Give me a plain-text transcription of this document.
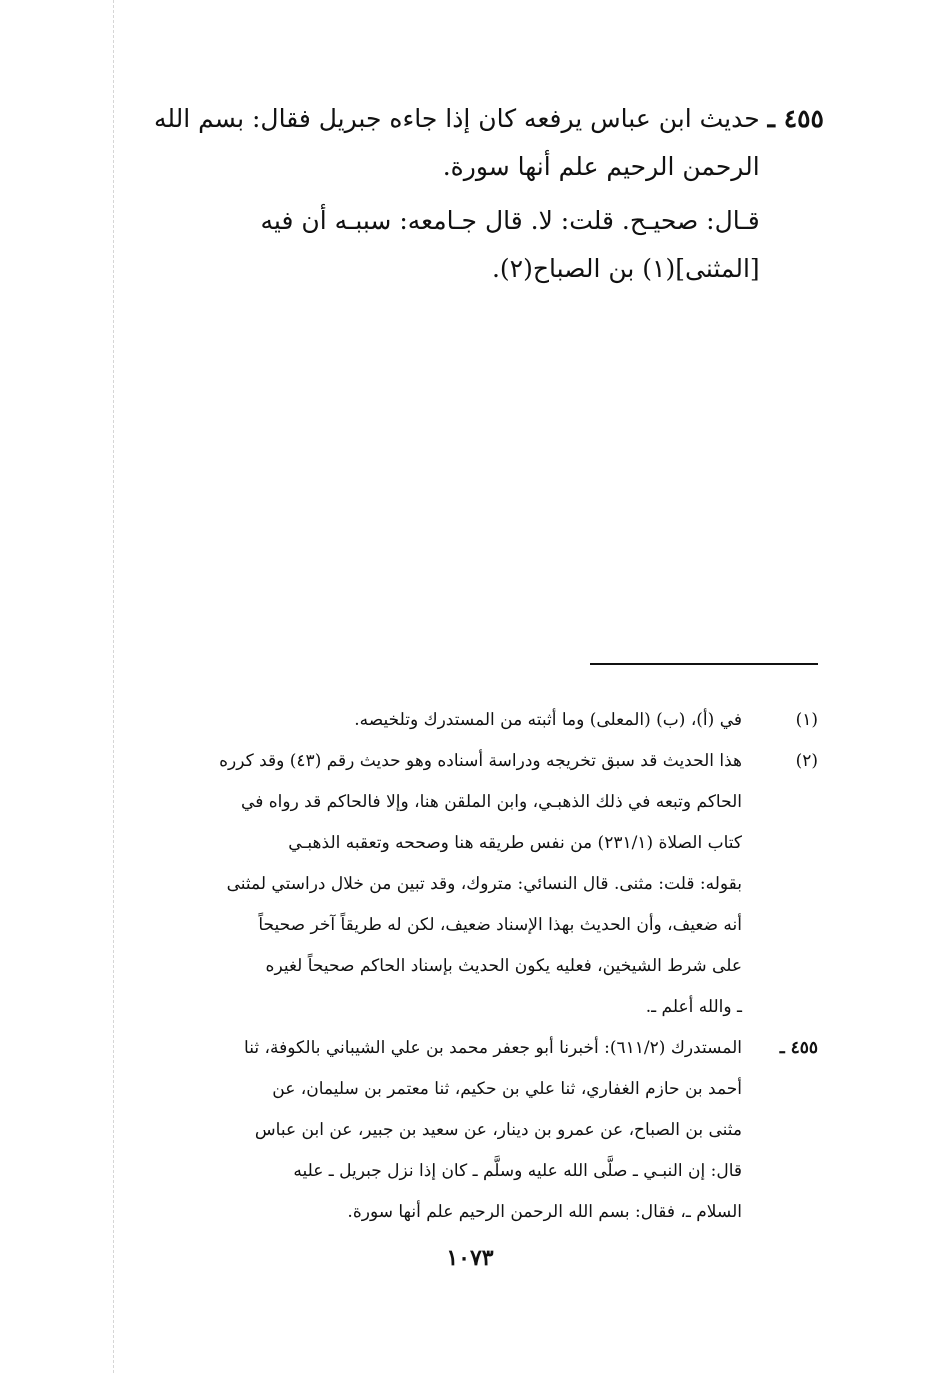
٤٥٥ ـ

حديث ابن عباس يرفعه كان إذا جاءه جبريل فقال: بسم الله
الرحمن الرحيم علم أنها سورة.

قـال: صحيـح. قلت: لا. قال جـامعه: سببـه أن فيه
[المثنى](١) بن الصباح(٢).

(١)
في (أ)، (ب) (المعلى) وما أثبته من المستدرك وتلخيصه.
(٢)
هذا الحديث قد سبق تخريجه ودراسة أسناده وهو حديث رقم (٤٣) وقد كرره
الحاكم وتبعه في ذلك الذهبـي، وابن الملقن هنا، وإلا فالحاكم قد رواه في
كتاب الصلاة (٢٣١/١) من نفس طريقه هنا وصححه وتعقبه الذهبـي
بقوله: قلت: مثنى. قال النسائي: متروك، وقد تبين من خلال دراستي لمثنى
أنه ضعيف، وأن الحديث بهذا الإسناد ضعيف، لكن له طريقاً آخر صحيحاً
على شرط الشيخين، فعليه يكون الحديث بإسناد الحاكم صحيحاً لغيره
ـ والله أعلم ـ.
٤٥٥ ـ
المستدرك (٦١١/٢): أخبرنا أبو جعفر محمد بن علي الشيباني بالكوفة، ثنا
أحمد بن حازم الغفاري، ثنا علي بن حكيم، ثنا معتمر بن سليمان، عن
مثنى بن الصباح، عن عمرو بن دينار، عن سعيد بن جبير، عن ابن عباس
قال: إن النبـي ـ صلَّى الله عليه وسلَّم ـ كان إذا نزل جبريل ـ عليه
السلام ـ، فقال: بسم الله الرحمن الرحيم علم أنها سورة.
١٠٧٣
